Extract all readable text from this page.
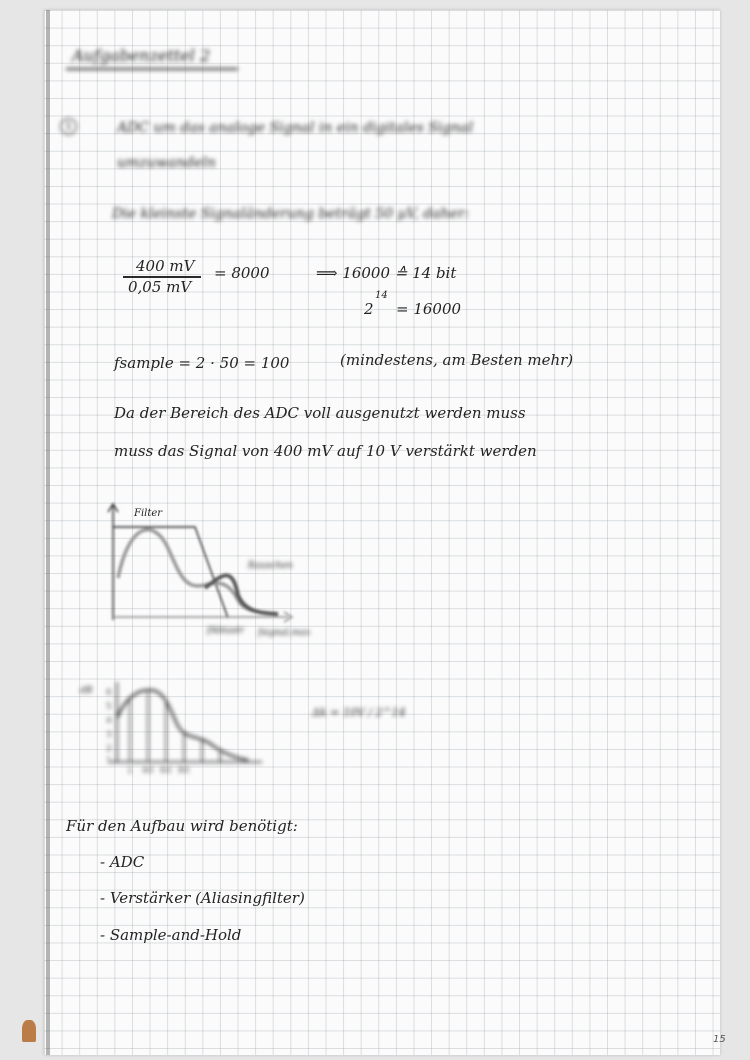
Aufgabenzettel 2
1	ADC um das analoge Signal in ein digitales Signal
umzuwandeln
Die kleinste Signaländerung beträgt 50 µV, daher:
400 mV
0,05 mV
= 8000	⟹ 16000 ≙ 14 bit
2
14
= 16000
fsample = 2 · 50 = 100	(mindestens, am Besten mehr)
Da der Bereich des ADC voll ausgenutzt werden muss
muss das Signal von 400 mV auf 10 V verstärkt werden
Filter
Rauschen
fAbtastr fsignal,max
dB 6
5
4
3
2
1
1 40 60 80
Δk = 10V / 2^14
Für den Aufbau wird benötigt:
- ADC
- Verstärker (Aliasingfilter)
- Sample-and-Hold
15
